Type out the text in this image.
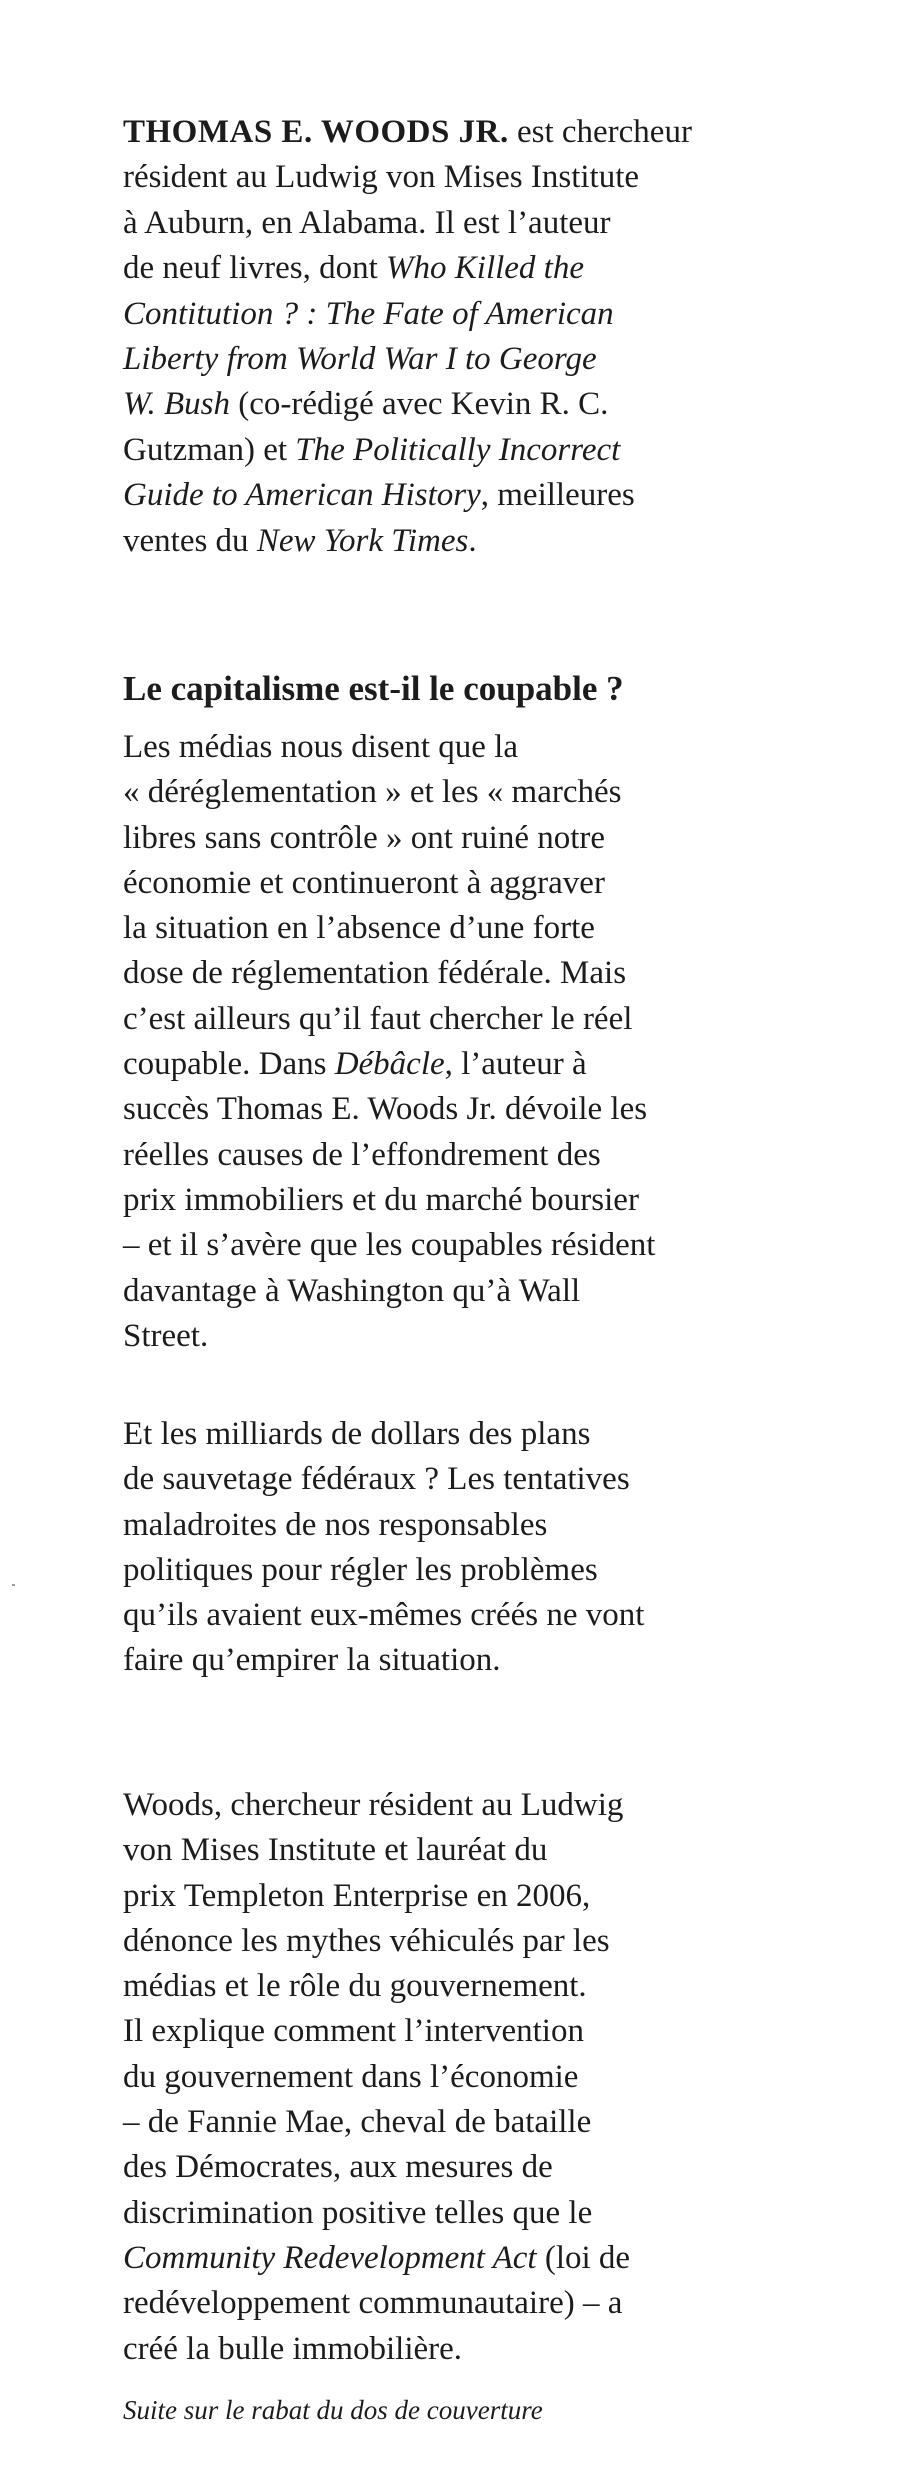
THOMAS E. WOODS JR. est chercheur
résident au Ludwig von Mises Institute
à Auburn, en Alabama. Il est l’auteur
de neuf livres, dont Who Killed the
Contitution ? : The Fate of American
Liberty from World War I to George
W. Bush (co-rédigé avec Kevin R. C.
Gutzman) et The Politically Incorrect
Guide to American History, meilleures
ventes du New York Times.

Le capitalisme est-il le coupable ?

Les médias nous disent que la
« déréglementation » et les « marchés
libres sans contrôle » ont ruiné notre
économie et continueront à aggraver
la situation en l’absence d’une forte
dose de réglementation fédérale. Mais
c’est ailleurs qu’il faut chercher le réel
coupable. Dans Débâcle, l’auteur à
succès Thomas E. Woods Jr. dévoile les
réelles causes de l’effondrement des
prix immobiliers et du marché boursier
– et il s’avère que les coupables résident
davantage à Washington qu’à Wall
Street.

Et les milliards de dollars des plans
de sauvetage fédéraux ? Les tentatives
maladroites de nos responsables
politiques pour régler les problèmes
qu’ils avaient eux-mêmes créés ne vont
faire qu’empirer la situation.

Woods, chercheur résident au Ludwig
von Mises Institute et lauréat du
prix Templeton Enterprise en 2006,
dénonce les mythes véhiculés par les
médias et le rôle du gouvernement.
Il explique comment l’intervention
du gouvernement dans l’économie
– de Fannie Mae, cheval de bataille
des Démocrates, aux mesures de
discrimination positive telles que le
Community Redevelopment Act (loi de
redéveloppement communautaire) – a
créé la bulle immobilière.

Suite sur le rabat du dos de couverture
